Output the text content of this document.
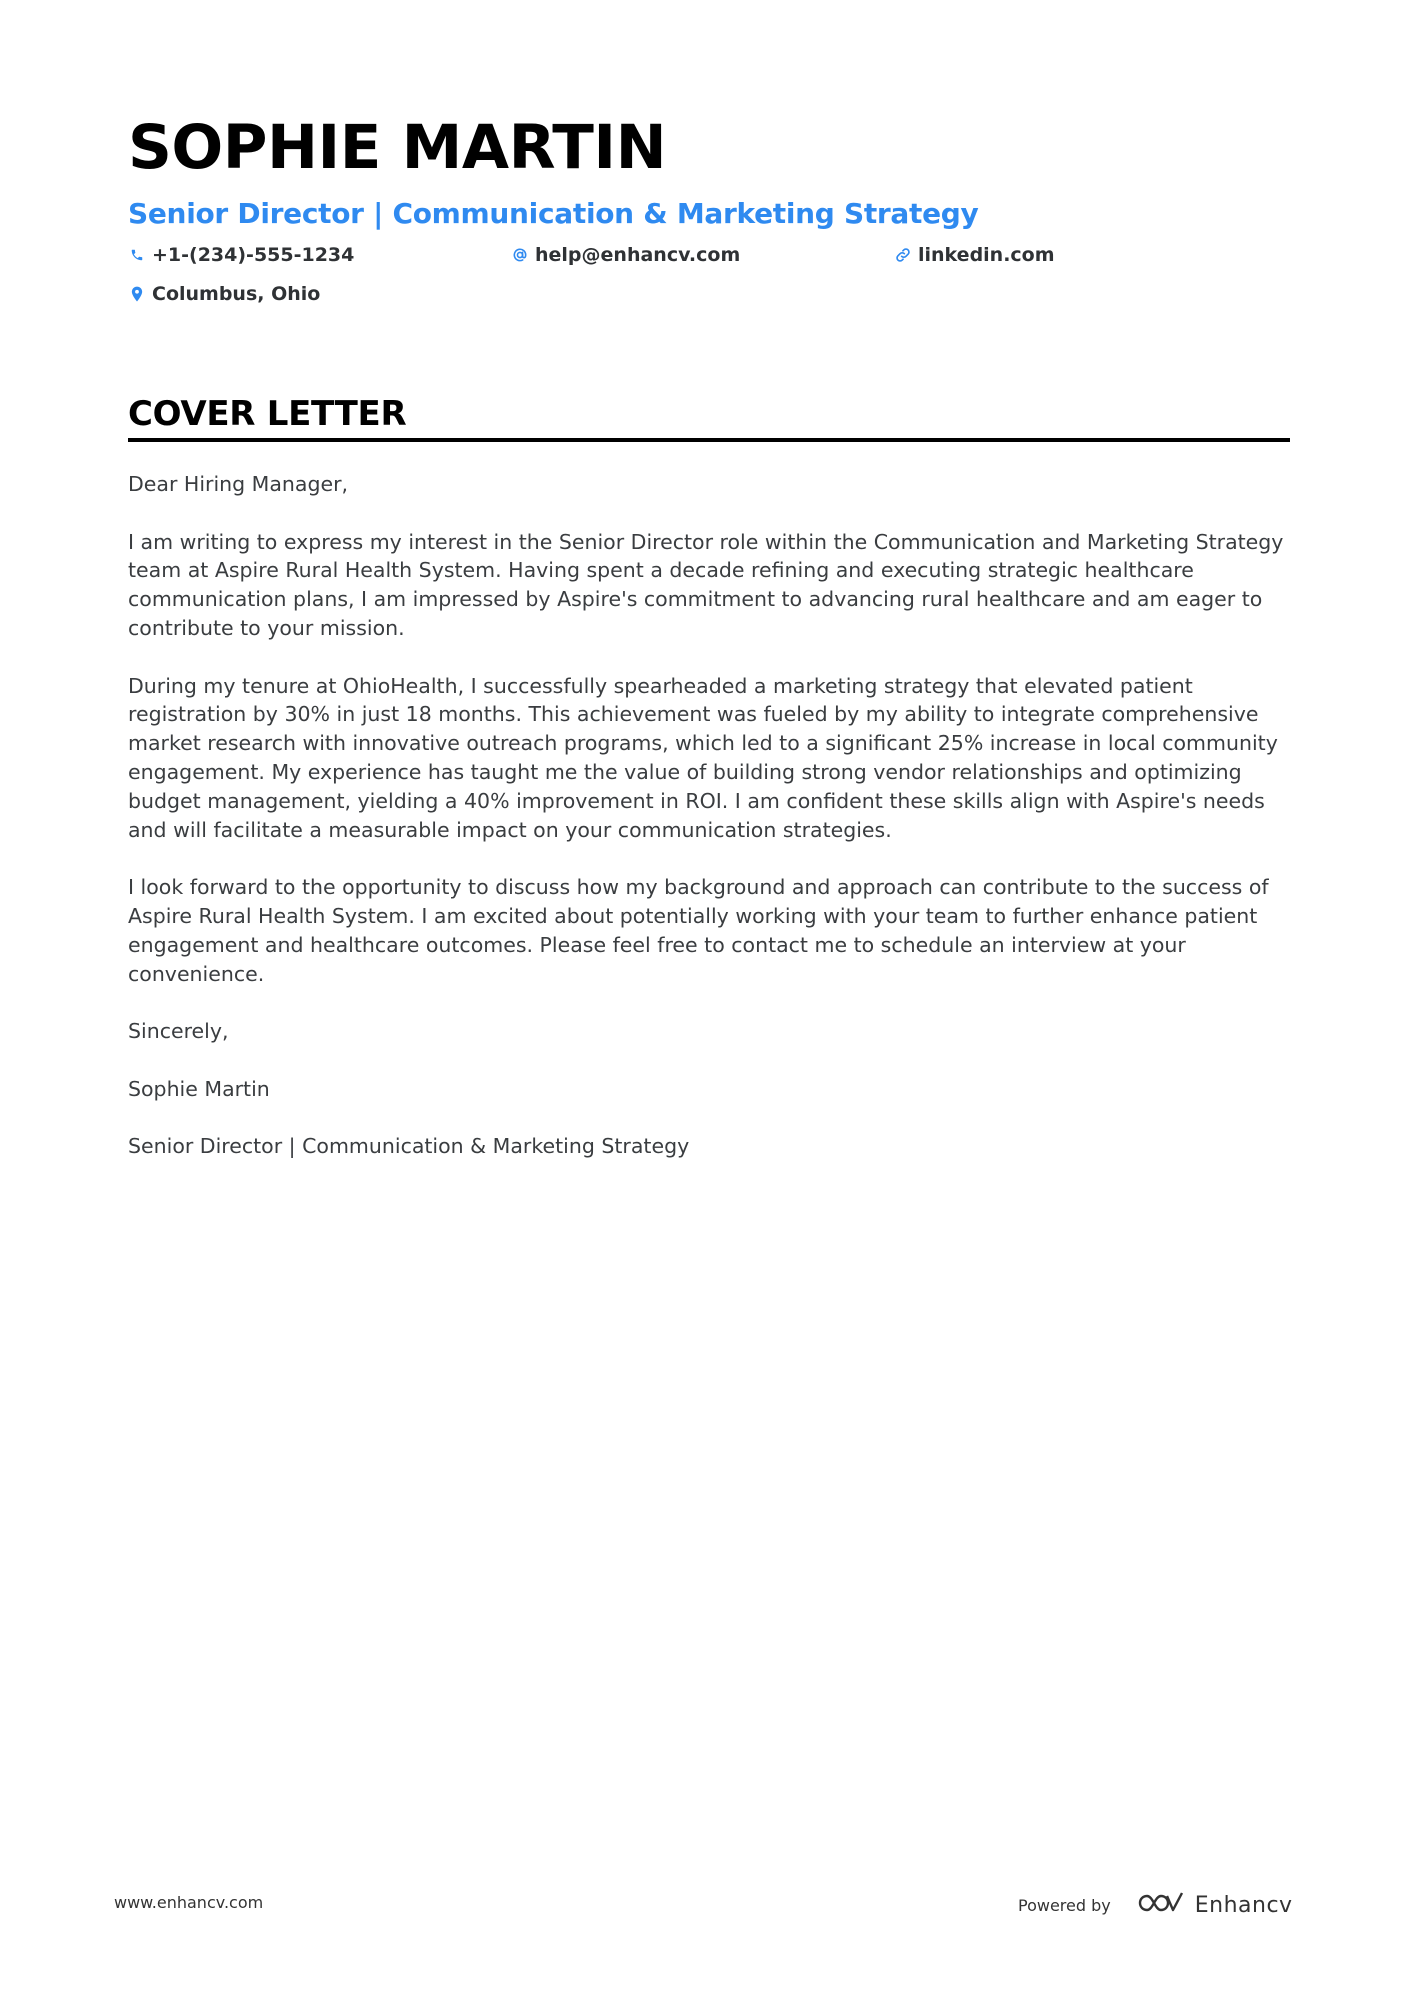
SOPHIE MARTIN
Senior Director | Communication & Marketing Strategy
+1-(234)-555-1234	help@enhancv.com	linkedin.com
Columbus, Ohio
COVER LETTER

Dear Hiring Manager,

I am writing to express my interest in the Senior Director role within the Communication and Marketing Strategy team at Aspire Rural Health System. Having spent a decade refining and executing strategic healthcare communication plans, I am impressed by Aspire's commitment to advancing rural healthcare and am eager to contribute to your mission.

During my tenure at OhioHealth, I successfully spearheaded a marketing strategy that elevated patient registration by 30% in just 18 months. This achievement was fueled by my ability to integrate comprehensive market research with innovative outreach programs, which led to a significant 25% increase in local community engagement. My experience has taught me the value of building strong vendor relationships and optimizing budget management, yielding a 40% improvement in ROI. I am confident these skills align with Aspire's needs and will facilitate a measurable impact on your communication strategies.

I look forward to the opportunity to discuss how my background and approach can contribute to the success of Aspire Rural Health System. I am excited about potentially working with your team to further enhance patient engagement and healthcare outcomes. Please feel free to contact me to schedule an interview at your convenience.

Sincerely,

Sophie Martin

Senior Director | Communication & Marketing Strategy

www.enhancv.com	Powered by	Enhancv
